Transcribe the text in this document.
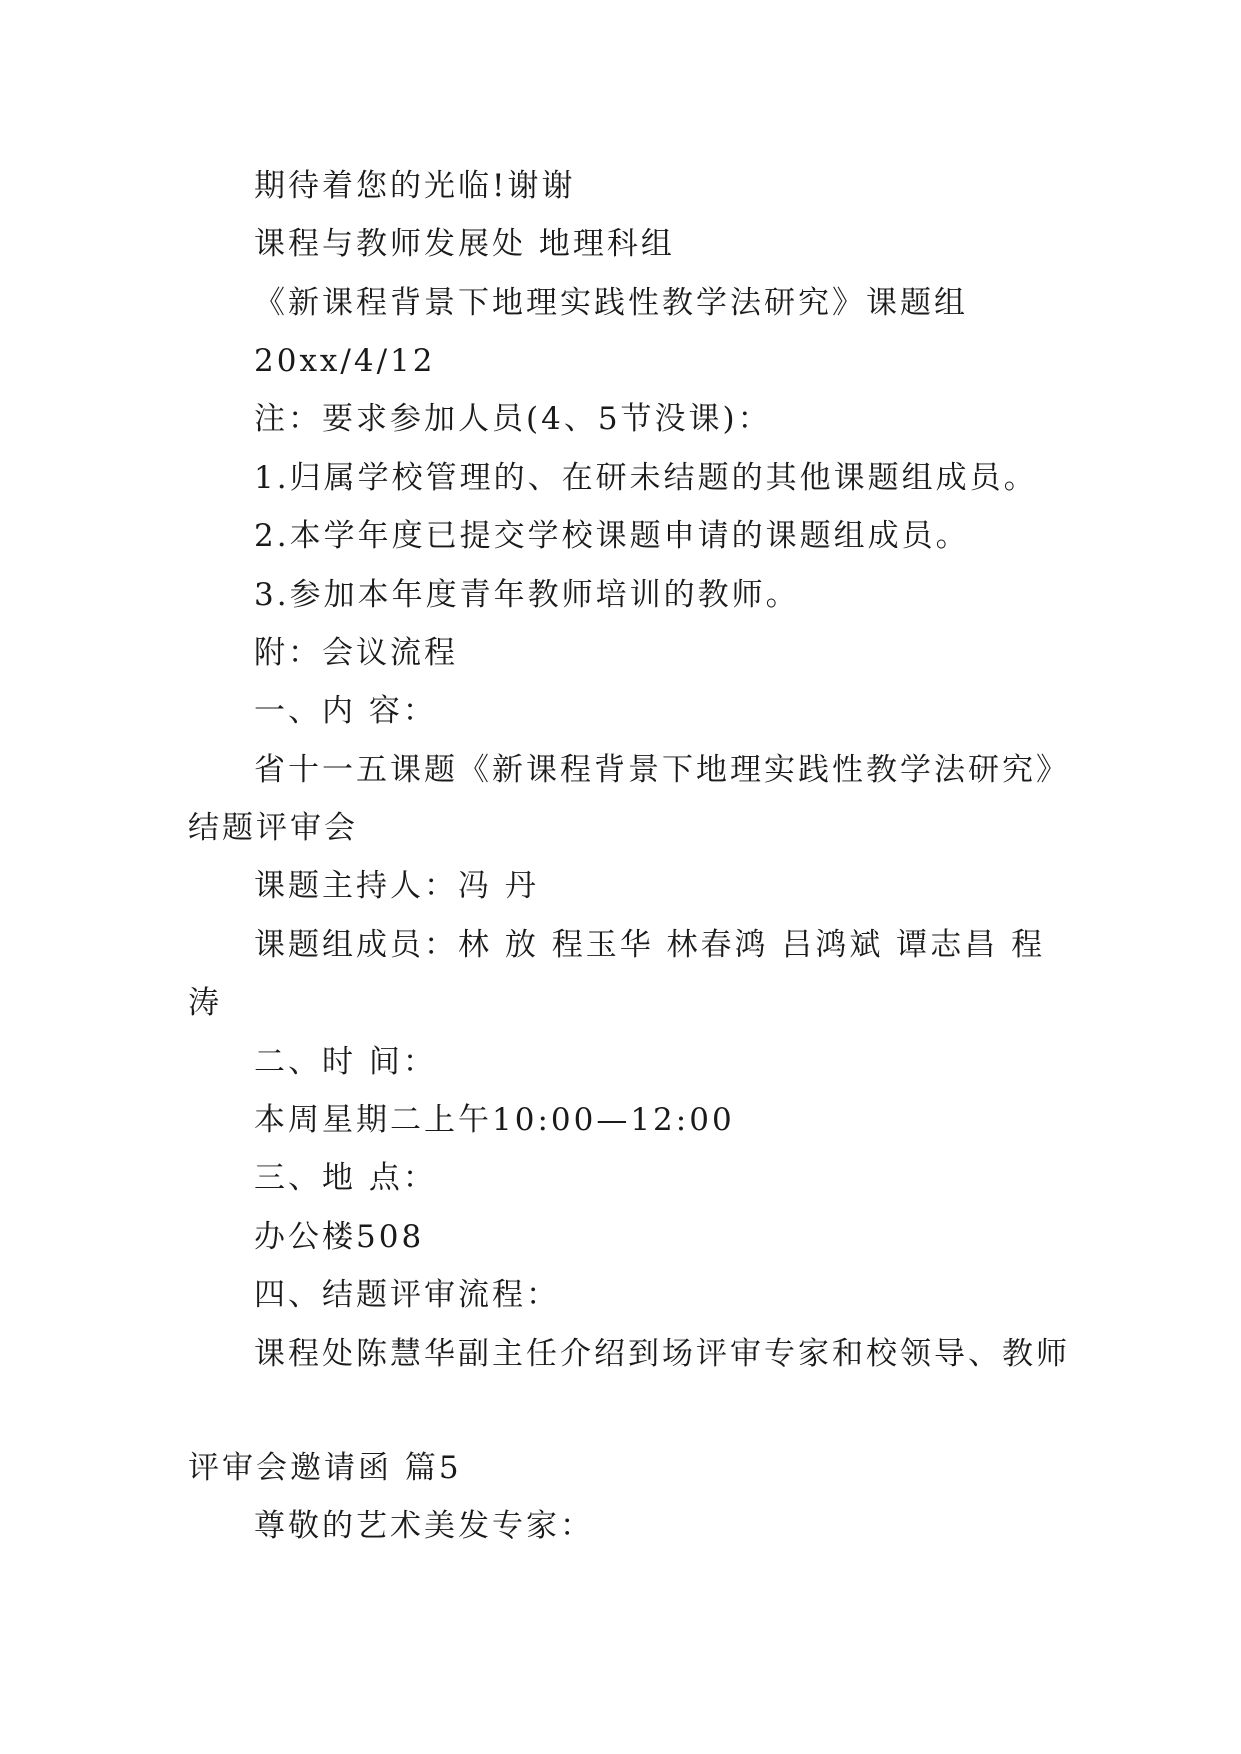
期待着您的光临!谢谢
课程与教师发展处 地理科组
《新课程背景下地理实践性教学法研究》课题组
20xx/4/12
注：要求参加人员(4、5节没课)：
1.归属学校管理的、在研未结题的其他课题组成员。
2.本学年度已提交学校课题申请的课题组成员。
3.参加本年度青年教师培训的教师。
附：会议流程
一、内 容：
省十一五课题《新课程背景下地理实践性教学法研究》
结题评审会
课题主持人：冯 丹
课题组成员：林 放 程玉华 林春鸿 吕鸿斌 谭志昌 程
涛
二、时 间：
本周星期二上午10:00—12:00
三、地 点：
办公楼508
四、结题评审流程：
课程处陈慧华副主任介绍到场评审专家和校领导、教师
评审会邀请函 篇5
尊敬的艺术美发专家：
